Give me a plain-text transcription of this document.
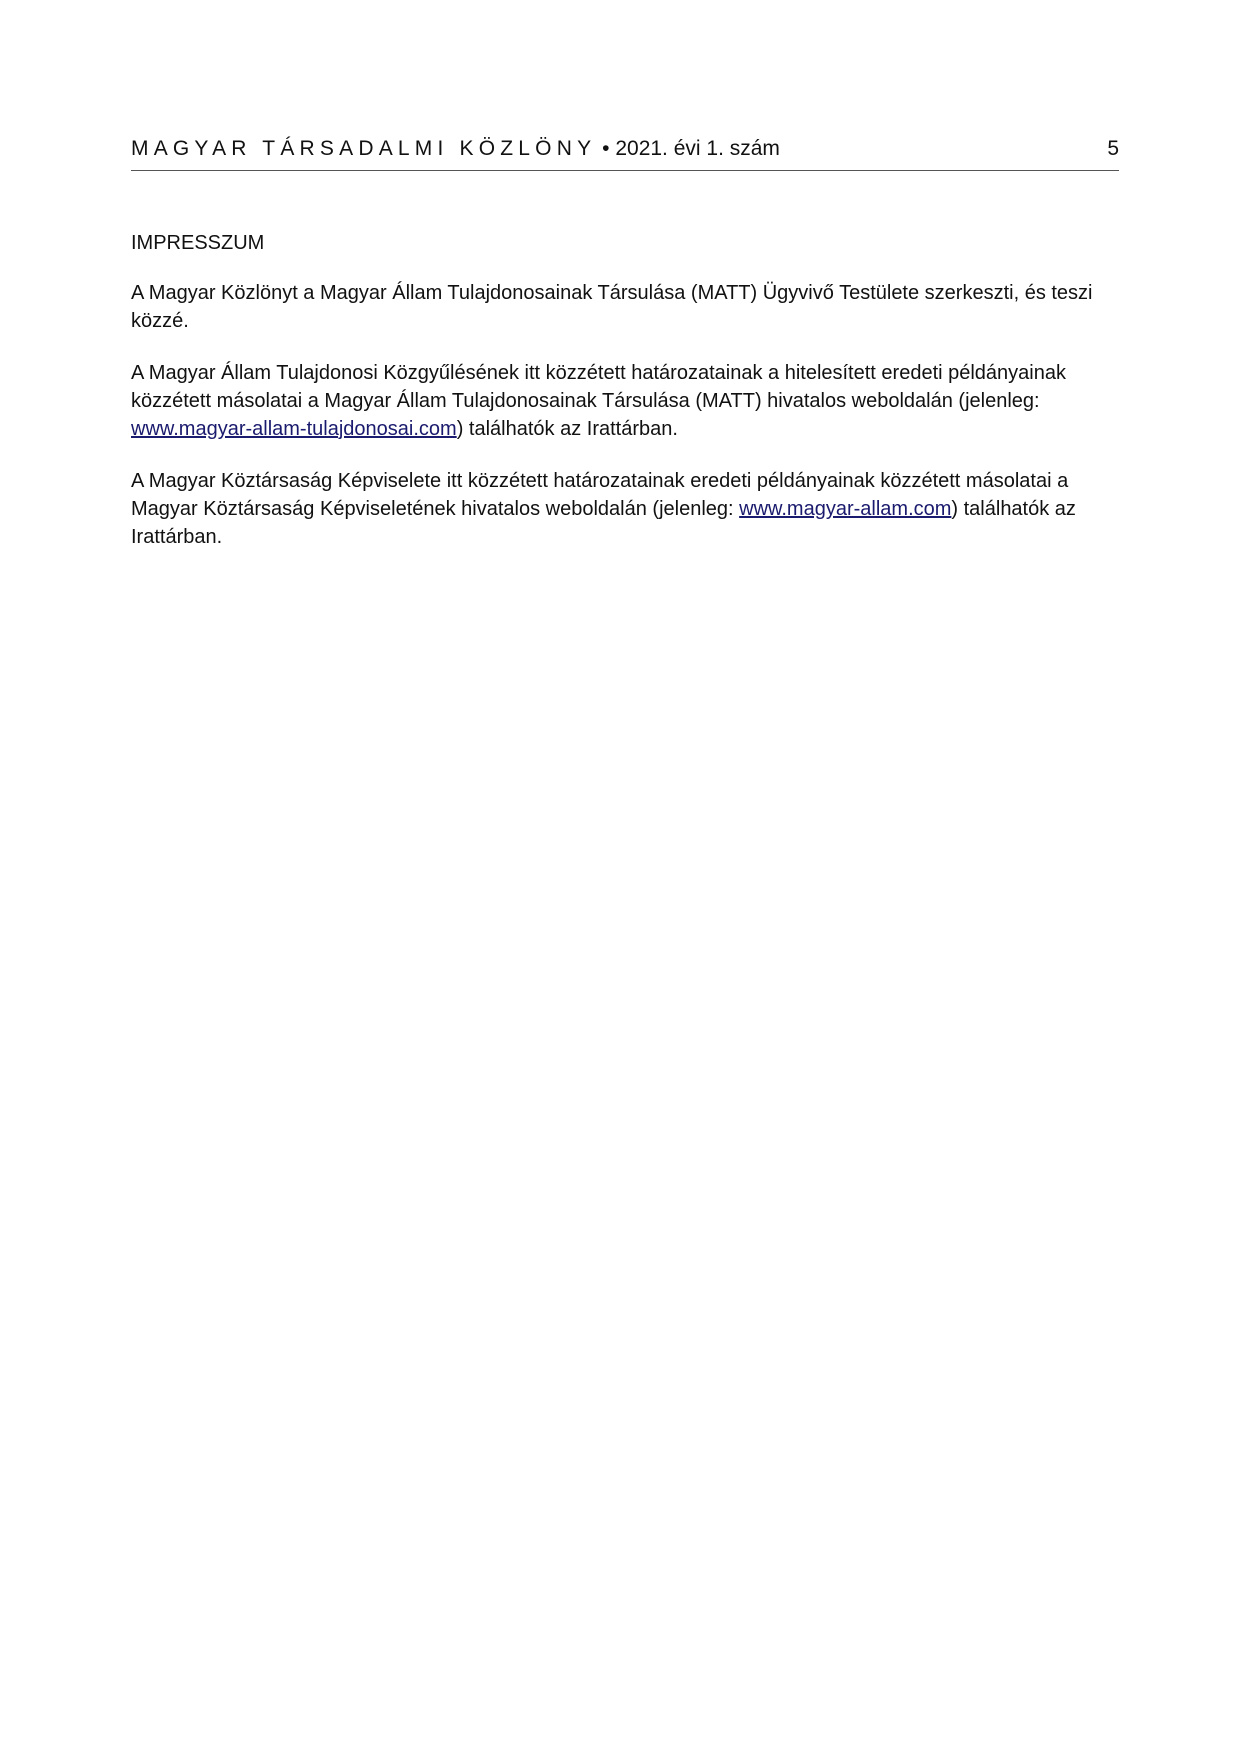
MAGYAR TÁRSADALMI KÖZLÖNY • 2021. évi 1. szám	5
IMPRESSZUM

A Magyar Közlönyt a Magyar Állam Tulajdonosainak Társulása (MATT) Ügyvivő Testülete szerkeszti, és teszi közzé.

A Magyar Állam Tulajdonosi Közgyűlésének itt közzétett határozatainak a hitelesített eredeti példányainak közzétett másolatai a Magyar Állam Tulajdonosainak Társulása (MATT) hivatalos weboldalán (jelenleg: www.magyar-allam-tulajdonosai.com) találhatók az Irattárban.

A Magyar Köztársaság Képviselete itt közzétett határozatainak eredeti példányainak közzétett másolatai a Magyar Köztársaság Képviseletének hivatalos weboldalán (jelenleg: www.magyar-allam.com) találhatók az Irattárban.
